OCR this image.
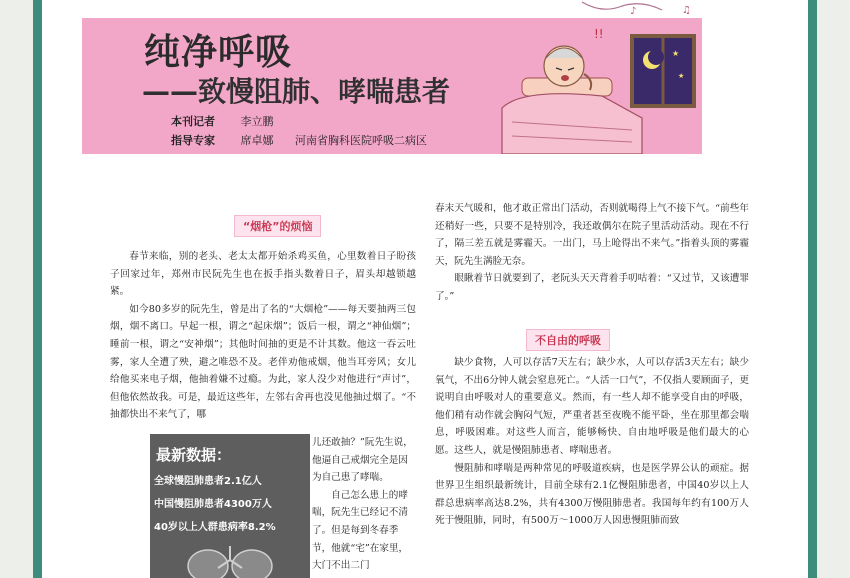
♪	♫
纯净呼吸
——致慢阻肺、哮喘患者
本刊记者 李立鹏
指导专家 席卓娜 河南省胸科医院呼吸二病区
★
★
!!
“烟枪”的烦恼

春节来临，别的老头、老太太都开始杀鸡买鱼，心里数着日子盼孩子回家过年，郑州市民阮先生也在扳手指头数着日子，眉头却越锁越紧。

如今80多岁的阮先生，曾是出了名的“大烟枪”——每天要抽两三包烟，烟不离口。早起一根，谓之“起床烟”；饭后一根，谓之“神仙烟”；睡前一根，谓之“安神烟”；其他时间抽的更是不计其数。他这一吞云吐雾，家人全遭了殃，避之唯恐不及。老伴劝他戒烟，他当耳旁风；女儿给他买来电子烟，他抽着嫌不过瘾。为此，家人没少对他进行“声讨”，但他依然故我。可是，最近这些年，左邻右舍再也没见他抽过烟了。“不抽都快出不来气了，哪

最新数据：

全球慢阻肺患者2.1亿人
中国慢阻肺患者4300万人
40岁以上人群患病率8.2%

儿还敢抽？”阮先生说，他逼自己戒烟完全是因为自己患了哮喘。

自己怎么患上的哮喘，阮先生已经记不清了。但是每到冬春季节，他就“宅”在家里，大门不出二门

春末天气暖和，他才敢正常出门活动，否则就喝得上气不接下气。“前些年还稍好一些，只要不是特别冷，我还敢偶尔在院子里活动活动。现在不行了，隔三差五就是雾霾天。一出门，马上呛得出不来气。”指着头顶的雾霾天，阮先生满脸无奈。

眼瞅着节日就要到了，老阮头天天背着手叨咕着：“又过节，又该遭罪了。”

缺少食物，人可以存活7天左右；缺少水，人可以存活3天左右；缺少氧气，不出6分钟人就会窒息死亡。“人活一口气”，不仅指人要顾面子，更说明自由呼吸对人的重要意义。然而，有一些人却不能享受自由的呼吸，他们稍有动作就会胸闷气短，严重者甚至夜晚不能平卧，坐在那里都会喘息，呼吸困难。对这些人而言，能够畅快、自由地呼吸是他们最大的心愿。这些人，就是慢阻肺患者、哮喘患者。

慢阻肺和哮喘是两种常见的呼吸道疾病，也是医学界公认的顽症。据世界卫生组织最新统计，目前全球有2.1亿慢阻肺患者，中国40岁以上人群总患病率高达8.2%，共有4300万慢阻肺患者。我国每年约有100万人死于慢阻肺，同时，有500万～1000万人因患慢阻肺而致

不自由的呼吸
